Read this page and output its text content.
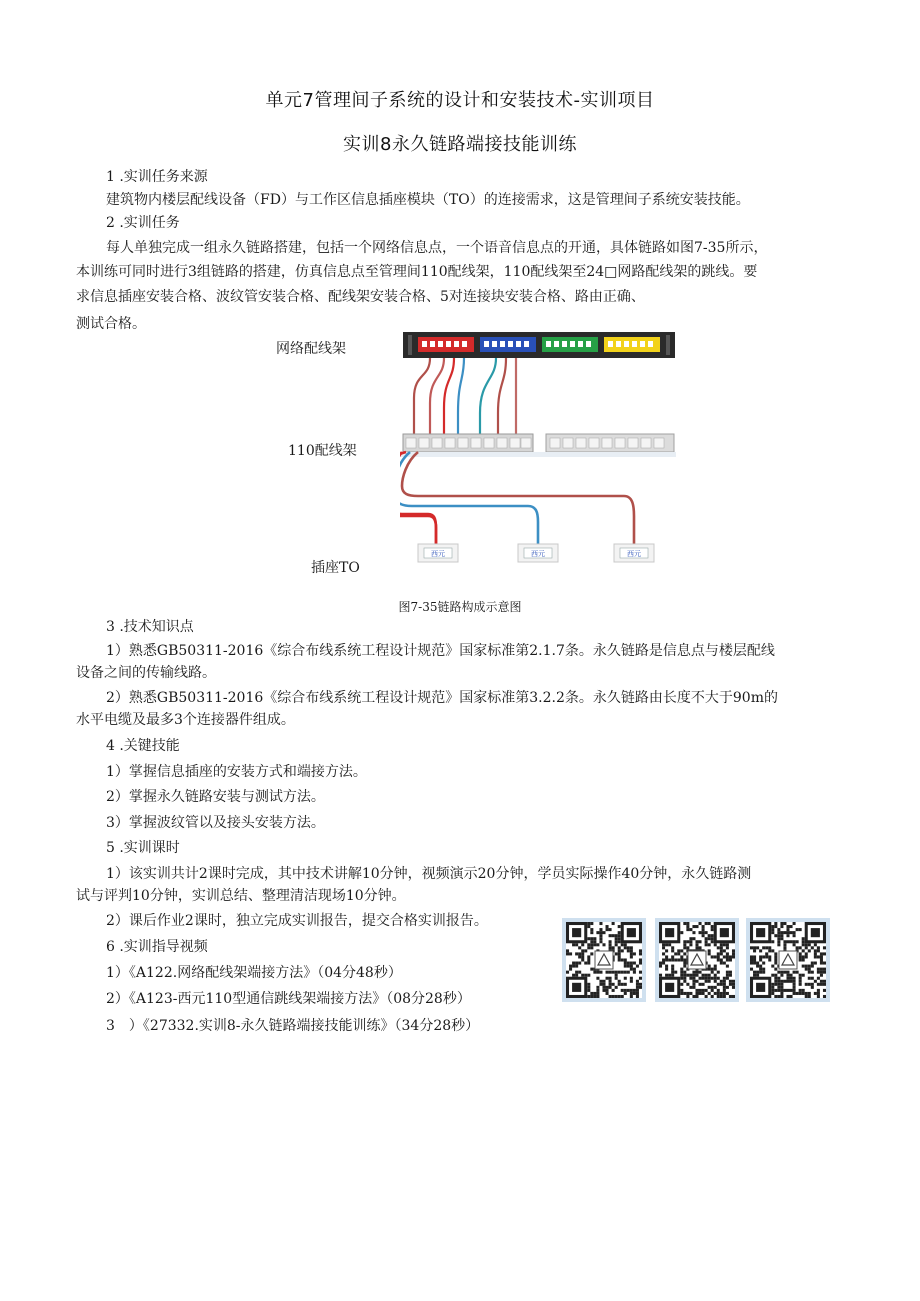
单元7管理间子系统的设计和安装技术-实训项目
实训8永久链路端接技能训练
1 .实训任务来源
建筑物内楼层配线设备（FD）与工作区信息插座模块（TO）的连接需求，这是管理间子系统安装技能。
2 .实训任务
每人单独完成一组永久链路搭建，包括一个网络信息点，一个语音信息点的开通，具体链路如图7-35所示，
本训练可同时进行3组链路的搭建，仿真信息点至管理间110配线架，110配线架至24□网路配线架的跳线。要
求信息插座安装合格、波纹管安装合格、配线架安装合格、5对连接块安装合格、路由正确、
测试合格。
网络配线架
110配线架
插座TO
西元	西元	西元
图7-35链路构成示意图
3 .技术知识点
1）熟悉GB50311-2016《综合布线系统工程设计规范》国家标准第2.1.7条。永久链路是信息点与楼层配线
设备之间的传输线路。
2）熟悉GB50311-2016《综合布线系统工程设计规范》国家标准第3.2.2条。永久链路由长度不大于90m的
水平电缆及最多3个连接器件组成。
4 .关键技能
1）掌握信息插座的安装方式和端接方法。
2）掌握永久链路安装与测试方法。
3）掌握波纹管以及接头安装方法。
5 .实训课时
1）该实训共计2课时完成，其中技术讲解10分钟，视频演示20分钟，学员实际操作40分钟，永久链路测
试与评判10分钟，实训总结、整理清洁现场10分钟。
2）课后作业2课时，独立完成实训报告，提交合格实训报告。
6 .实训指导视频
1）《A122.网络配线架端接方法》（04分48秒）
2）《A123-西元110型通信跳线架端接方法》（08分28秒）
3　）《27332.实训8-永久链路端接技能训练》（34分28秒）
